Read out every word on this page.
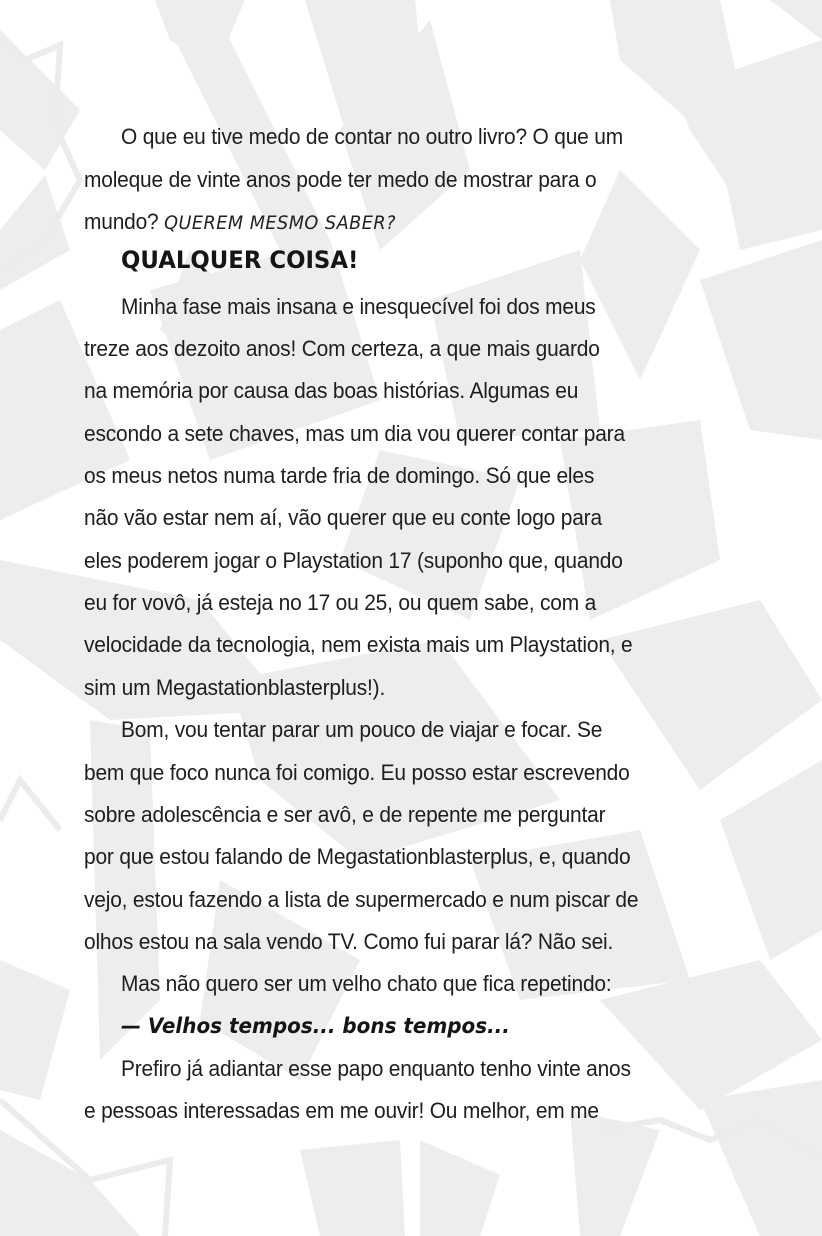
O que eu tive medo de contar no outro livro? O que um
moleque de vinte anos pode ter medo de mostrar para o
mundo? QUEREM MESMO SABER?
QUALQUER COISA!
Minha fase mais insana e inesquecível foi dos meus
treze aos dezoito anos! Com certeza, a que mais guardo
na memória por causa das boas histórias. Algumas eu
escondo a sete chaves, mas um dia vou querer contar para
os meus netos numa tarde fria de domingo. Só que eles
não vão estar nem aí, vão querer que eu conte logo para
eles poderem jogar o Playstation 17 (suponho que, quando
eu for vovô, já esteja no 17 ou 25, ou quem sabe, com a
velocidade da tecnologia, nem exista mais um Playstation, e
sim um Megastationblasterplus!).
Bom, vou tentar parar um pouco de viajar e focar. Se
bem que foco nunca foi comigo. Eu posso estar escrevendo
sobre adolescência e ser avô, e de repente me perguntar
por que estou falando de Megastationblasterplus, e, quando
vejo, estou fazendo a lista de supermercado e num piscar de
olhos estou na sala vendo TV. Como fui parar lá? Não sei.
Mas não quero ser um velho chato que fica repetindo:
— Velhos tempos... bons tempos...
Prefiro já adiantar esse papo enquanto tenho vinte anos
e pessoas interessadas em me ouvir! Ou melhor, em me
